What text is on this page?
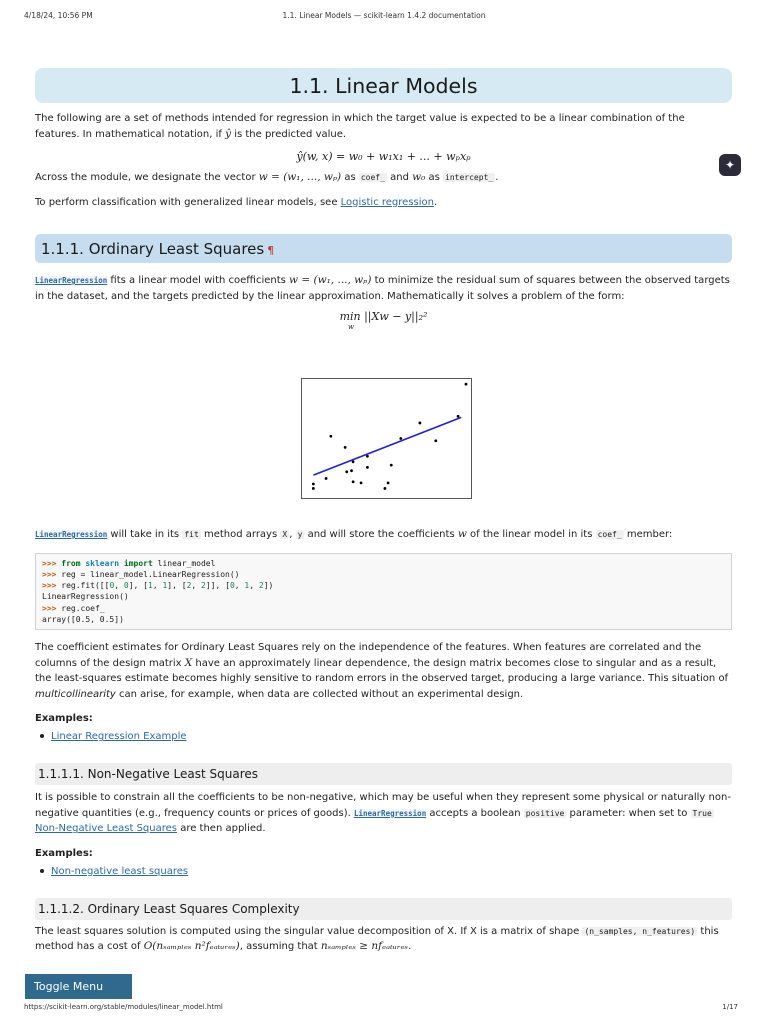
4/18/24, 10:56 PM	1.1. Linear Models — scikit-learn 1.4.2 documentation
1.1. Linear Models

The following are a set of methods intended for regression in which the target value is expected to be a linear combination of the features. In mathematical notation, if ŷ is the predicted value.

ŷ(w, x) = w₀ + w₁x₁ + ... + wₚxₚ

Across the module, we designate the vector w = (w₁, ..., wₚ) as coef_ and w₀ as intercept_ .

To perform classification with generalized linear models, see Logistic regression.

1.1.1. Ordinary Least Squares ¶

LinearRegression fits a linear model with coefficients w = (w₁, ..., wₚ) to minimize the residual sum of squares between the observed targets in the dataset, and the targets predicted by the linear approximation. Mathematically it solves a problem of the form:

min ||Xw − y||₂²
w

LinearRegression will take in its fit method arrays X , y and will store the coefficients w of the linear model in its coef_ member:

>>> from sklearn import linear_model
>>> reg = linear_model.LinearRegression()
>>> reg.fit([[0, 0], [1, 1], [2, 2]], [0, 1, 2])
LinearRegression()
>>> reg.coef_
array([0.5, 0.5])

The coefficient estimates for Ordinary Least Squares rely on the independence of the features. When features are correlated and the columns of the design matrix X have an approximately linear dependence, the design matrix becomes close to singular and as a result, the least-squares estimate becomes highly sensitive to random errors in the observed target, producing a large variance. This situation of multicollinearity can arise, for example, when data are collected without an experimental design.

Examples:
Linear Regression Example
1.1.1.1. Non-Negative Least Squares

It is possible to constrain all the coefficients to be non-negative, which may be useful when they represent some physical or naturally non-negative quantities (e.g., frequency counts or prices of goods). LinearRegression accepts a boolean positive parameter: when set to True Non-Negative Least Squares are then applied.

Examples:
Non-negative least squares
1.1.1.2. Ordinary Least Squares Complexity

The least squares solution is computed using the singular value decomposition of X. If X is a matrix of shape (n_samples, n_features) this method has a cost of O(nₛₐₘₚₗₑₛ n²fₑₐₜᵤᵣₑₛ), assuming that nₛₐₘₚₗₑₛ ≥ nfₑₐₜᵤᵣₑₛ.

✦
Toggle Menu
https://scikit-learn.org/stable/modules/linear_model.html	1/17
